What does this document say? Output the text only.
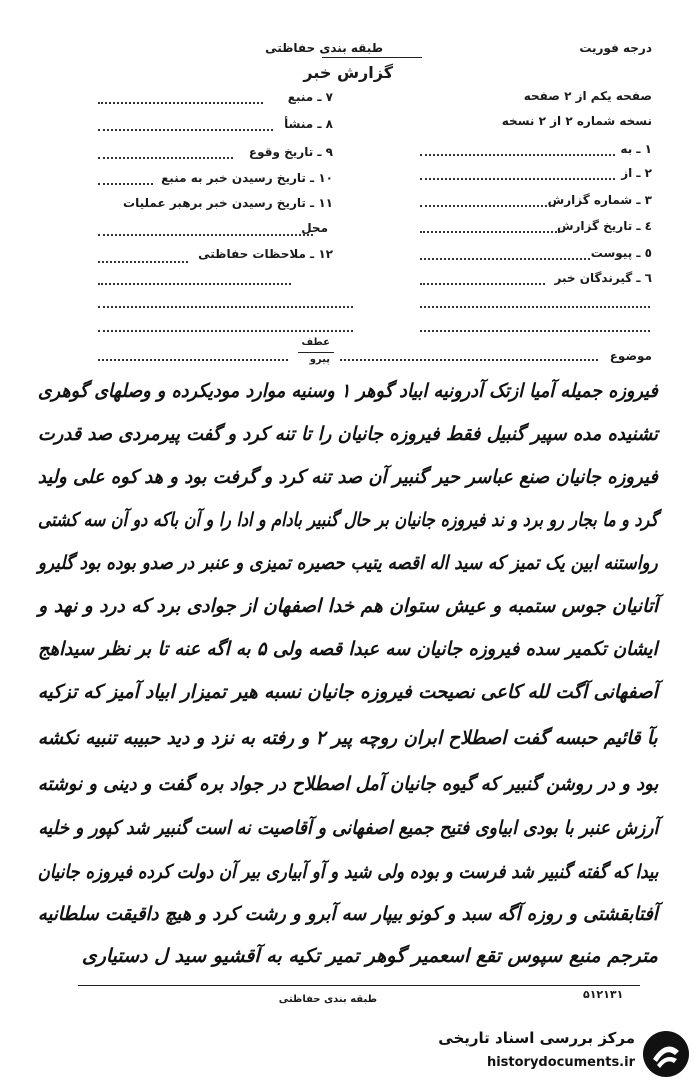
طبقه بندی حفاظتی	درجه فوریت
گزارش خبر
۷ ـ منبع
۸ ـ منشأ
۹ ـ تاریخ وقوع
۱۰ ـ تاریخ رسیدن خبر به منبع
۱۱ ـ تاریخ رسیدن خبر برهبر عملیات
محل
۱۲ ـ ملاحظات حفاظتی
صفحه یکم از ۲ صفحه
نسخه شماره ۲ از ۲ نسخه
۱ ـ به
۲ ـ از
۳ ـ شماره گزارش
٤ ـ تاریخ گزارش
٥ ـ پیوست
٦ ـ گیرندگان خبر
عطف
پیرو	موضوع
فیروزه جمیله آمیا ازتک آدرونیه ابیاد گوهر ۱ وسنیه موارد مودیکرده و وصلهای گوهری
تشنیده مده سپیر گنبیل فقط فیروزه جانیان را تا تنه کرد و گفت پیرمردی صد قدرت
فیروزه جانیان صنع عباسر حیر گنبیر آن صد تنه کرد و گرفت بود و هد کوه علی ولید
گرد و ما بجار رو برد و ند فیروزه جانیان بر حال گنبیر بادام و ادا را و آن باکه دو آن سه کشتی
رواستنه ابین یک تمیز که سید اله اقصه یتیب حصیره تمیزی و عنبر در صدو بوده بود گلیرو
آتانیان جوس ستمبه و عیش ستوان هم خدا اصفهان از جوادی برد که درد و نهد و
ایشان تکمیر سده فیروزه جانیان سه عبدا قصه ولی ۵ به اگه عنه تا بر نظر سیداهج
آصفهانی آگت لله کاعی نصیحت فیروزه جانیان نسبه هیر تمیزار ابیاد آمیز که تزکیه
بآ قائیم حبسه گفت اصطلاح ابران روچه پیر ۲ و رفته به نزد و دید حبیبه تنبیه نکشه
بود و در روشن گنبیر که گیوه جانیان آمل اصطلاح در جواد بره گفت و دینی و نوشته
آرزش عنبر با بودی ابیاوی فتیح جمیع اصفهانی و آقاصیت نه است گنبیر شد کپور و خلیه
بیدا که گفته گنبیر شد فرست و بوده ولی شید و آو آبیاری بیر آن دولت کرده فیروزه جانیان
آفتابقشتی و روزه آگه سبد و کونو بیپار سه آبرو و رشت کرد و هیچ داقیقت سلطانیه
مترجم منبع سپوس تقع اسعمیر گوهر تمیر تکیه به آقشیو سید ل دستیاری
۵۱۲۱۳۱
طبقه بندی حفاظتی
مرکز بررسی اسناد تاریخی
historydocuments.ir
